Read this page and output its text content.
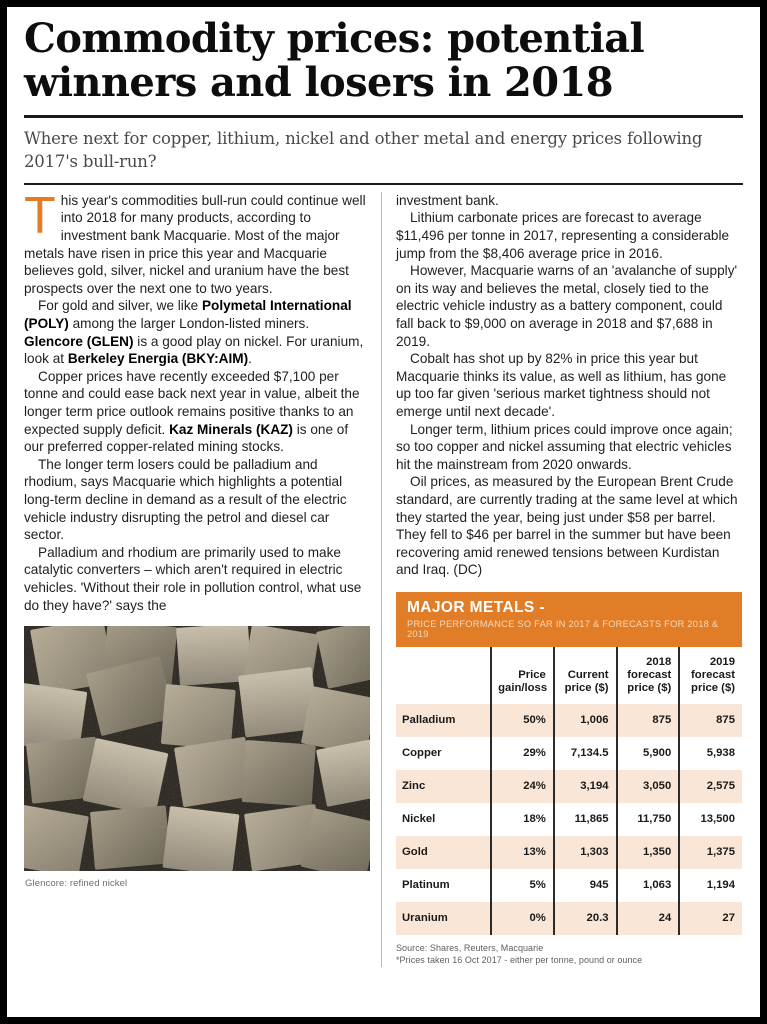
Commodity prices: potential winners and losers in 2018
Where next for copper, lithium, nickel and other metal and energy prices following 2017's bull-run?

This year's commodities bull-run could continue well into 2018 for many products, according to investment bank Macquarie. Most of the major metals have risen in price this year and Macquarie believes gold, silver, nickel and uranium have the best prospects over the next one to two years.

For gold and silver, we like Polymetal International (POLY) among the larger London-listed miners. Glencore (GLEN) is a good play on nickel. For uranium, look at Berkeley Energia (BKY:AIM).

Copper prices have recently exceeded $7,100 per tonne and could ease back next year in value, albeit the longer term price outlook remains positive thanks to an expected supply deficit. Kaz Minerals (KAZ) is one of our preferred copper-related mining stocks.

The longer term losers could be palladium and rhodium, says Macquarie which highlights a potential long-term decline in demand as a result of the electric vehicle industry disrupting the petrol and diesel car sector.

Palladium and rhodium are primarily used to make catalytic converters – which aren't required in electric vehicles. 'Without their role in pollution control, what use do they have?' says the

Glencore: refined nickel

investment bank.

Lithium carbonate prices are forecast to average $11,496 per tonne in 2017, representing a considerable jump from the $8,406 average price in 2016.

However, Macquarie warns of an 'avalanche of supply' on its way and believes the metal, closely tied to the electric vehicle industry as a battery component, could fall back to $9,000 on average in 2018 and $7,688 in 2019.

Cobalt has shot up by 82% in price this year but Macquarie thinks its value, as well as lithium, has gone up too far given 'serious market tightness should not emerge until next decade'.

Longer term, lithium prices could improve once again; so too copper and nickel assuming that electric vehicles hit the mainstream from 2020 onwards.

Oil prices, as measured by the European Brent Crude standard, are currently trading at the same level at which they started the year, being just under $58 per barrel. They fell to $46 per barrel in the summer but have been recovering amid renewed tensions between Kurdistan and Iraq. (DC)

MAJOR METALS -
PRICE PERFORMANCE SO FAR IN 2017 & FORECASTS FOR 2018 & 2019
	Price gain/loss	Current price ($)	2018 forecast price ($)	2019 forecast price ($)
Palladium	50%	1,006	875	875
Copper	29%	7,134.5	5,900	5,938
Zinc	24%	3,194	3,050	2,575
Nickel	18%	11,865	11,750	13,500
Gold	13%	1,303	1,350	1,375
Platinum	5%	945	1,063	1,194
Uranium	0%	20.3	24	27
Source: Shares, Reuters, Macquarie
*Prices taken 16 Oct 2017 - either per tonne, pound or ounce
